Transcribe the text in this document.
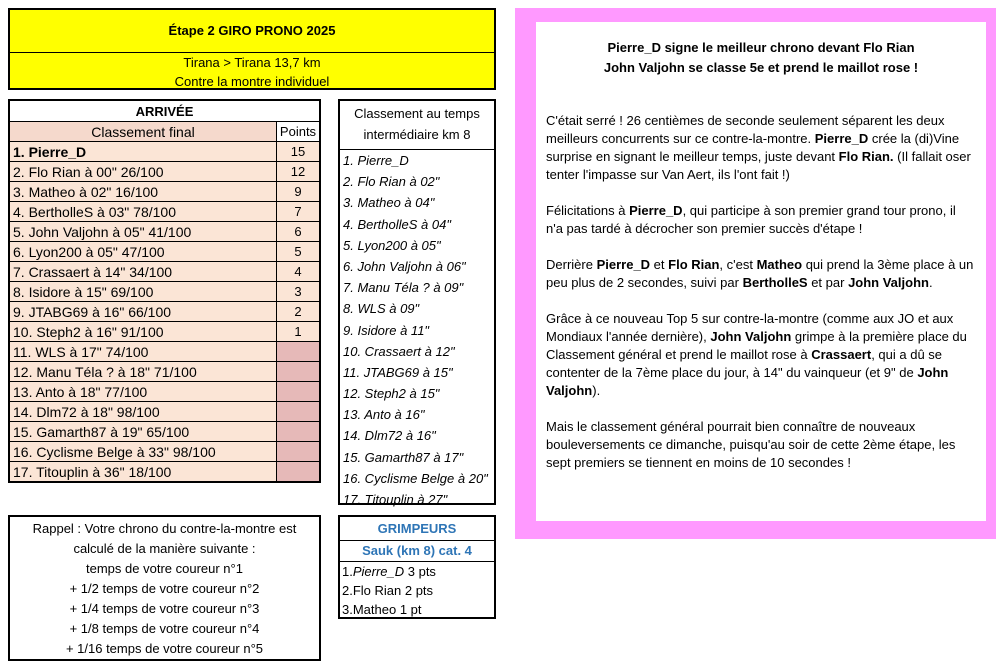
Étape 2 GIRO PRONO 2025
Tirana > Tirana 13,7 km
Contre la montre individuel
ARRIVÉE	
Classement final	Points
1. Pierre_D	15
2. Flo Rian à 00" 26/100	12
3. Matheo à 02" 16/100	9
4. BertholleS à 03" 78/100	7
5. John Valjohn à 05" 41/100	6
6. Lyon200 à 05" 47/100	5
7. Crassaert à 14" 34/100	4
8. Isidore à 15" 69/100	3
9. JTABG69 à 16" 66/100	2
10. Steph2 à 16" 91/100	1
11. WLS à 17" 74/100	
12. Manu Téla ? à 18" 71/100	
13. Anto à 18" 77/100	
14. Dlm72 à 18" 98/100	
15. Gamarth87 à 19" 65/100	
16. Cyclisme Belge à 33" 98/100	
17. Titouplin à 36" 18/100	
Classement au temps
intermédiaire km 8
1. Pierre_D
2. Flo Rian à 02"
3. Matheo à 04"
4. BertholleS à 04"
5. Lyon200 à 05"
6. John Valjohn à 06"
7. Manu Téla ? à 09"
8. WLS à 09"
9. Isidore à 11"
10. Crassaert à 12"
11. JTABG69 à 15"
12. Steph2 à 15"
13. Anto à 16"
14. Dlm72 à 16"
15. Gamarth87 à 17"
16. Cyclisme Belge à 20"
17. Titouplin à 27"
Rappel : Votre chrono du contre-la-montre est
calculé de la manière suivante :
temps de votre coureur n°1
+ 1/2 temps de votre coureur n°2
+ 1/4 temps de votre coureur n°3
+ 1/8 temps de votre coureur n°4
+ 1/16 temps de votre coureur n°5
GRIMPEURS
Sauk (km 8) cat. 4
1.Pierre_D 3 pts
2.Flo Rian 2 pts
3.Matheo 1 pt
Pierre_D signe le meilleur chrono devant Flo Rian
John Valjohn se classe 5e et prend le maillot rose !

C'était serré ! 26 centièmes de seconde seulement séparent les deux meilleurs concurrents sur ce contre-la-montre. Pierre_D crée la (di)Vine surprise en signant le meilleur temps, juste devant Flo Rian. (Il fallait oser tenter l'impasse sur Van Aert, ils l'ont fait !)

Félicitations à Pierre_D, qui participe à son premier grand tour prono, il n'a pas tardé à décrocher son premier succès d'étape !

Derrière Pierre_D et Flo Rian, c'est Matheo qui prend la 3ème place à un peu plus de 2 secondes, suivi par BertholleS et par John Valjohn.

Grâce à ce nouveau Top 5 sur contre-la-montre (comme aux JO et aux Mondiaux l'année dernière), John Valjohn grimpe à la première place du Classement général et prend le maillot rose à Crassaert, qui a dû se contenter de la 7ème place du jour, à 14" du vainqueur (et 9" de John Valjohn).

Mais le classement général pourrait bien connaître de nouveaux bouleversements ce dimanche, puisqu'au soir de cette 2ème étape, les sept premiers se tiennent en moins de 10 secondes !
